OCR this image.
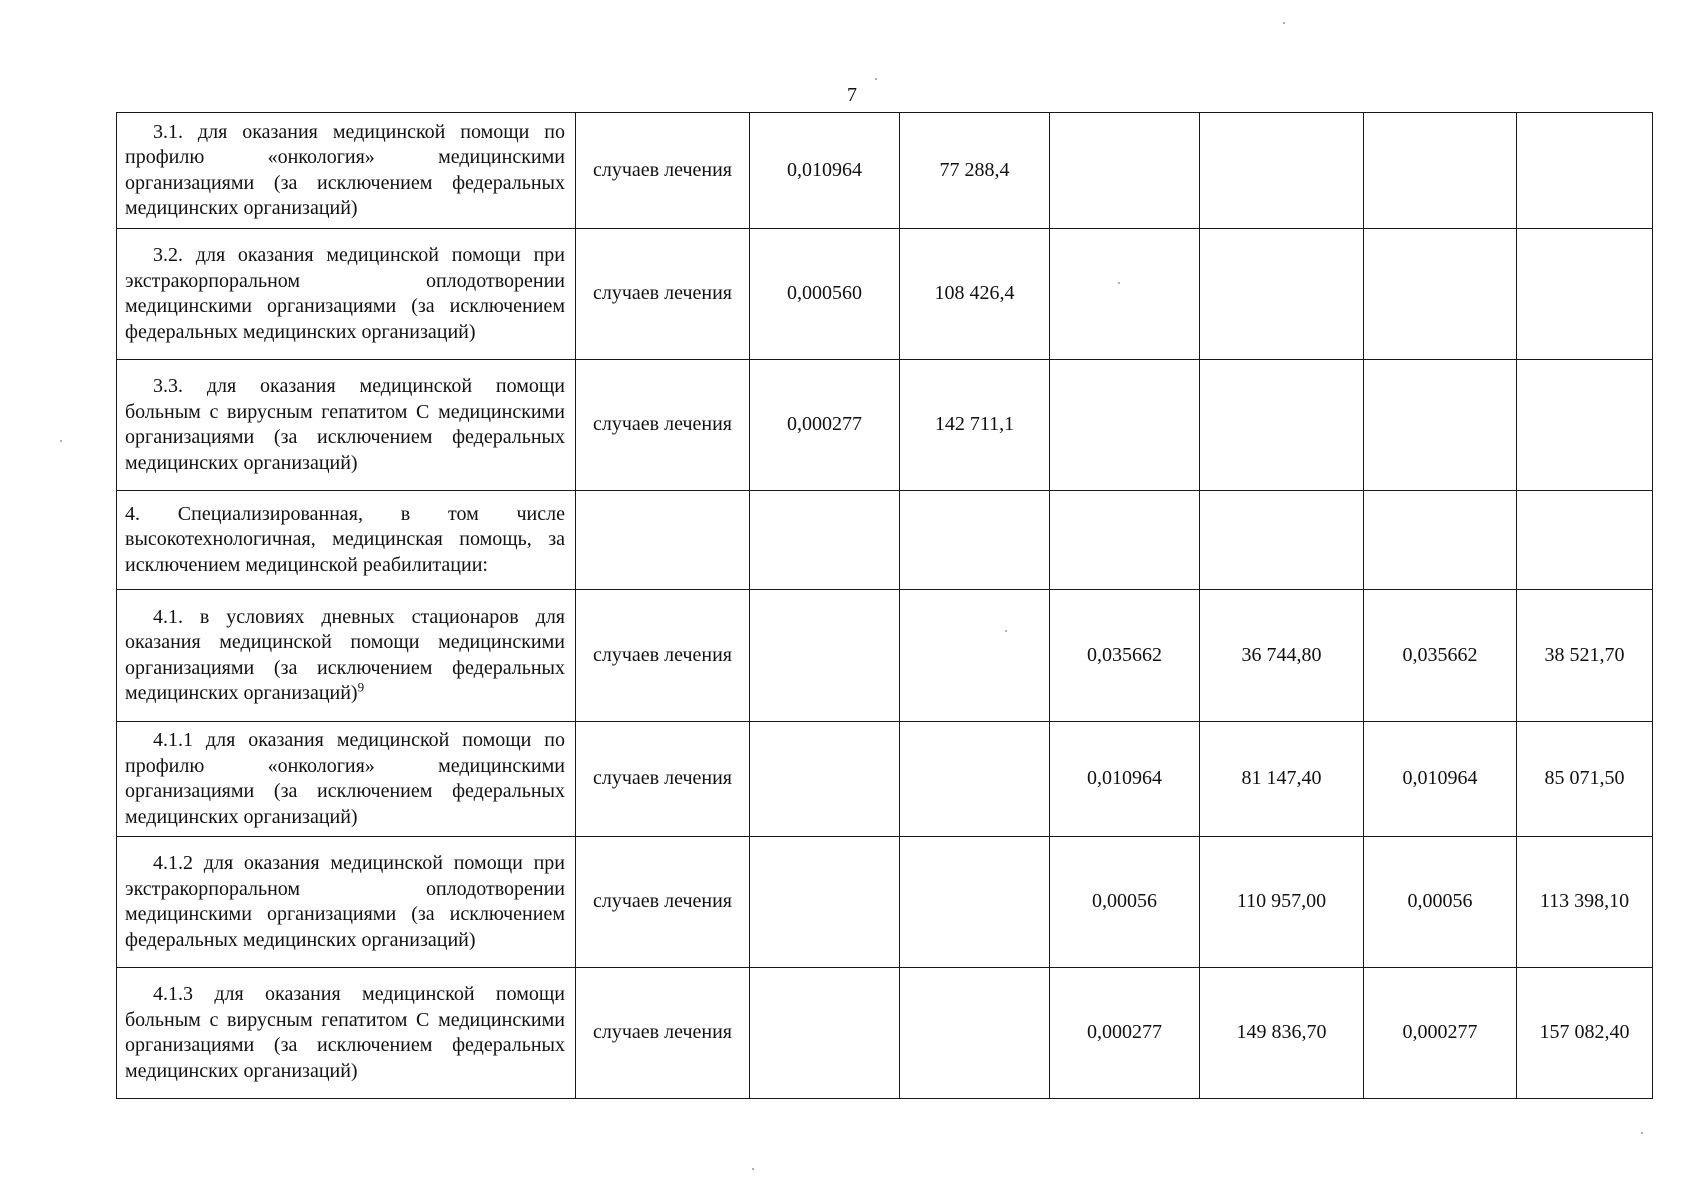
7
3.1. для оказания медицинской помощи по профилю «онкология» медицинскими организациями (за исключением федеральных медицинских организаций)	случаев лечения	0,010964	77 288,4				

3.2. для оказания медицинской помощи при экстракорпоральном оплодотворении медицинскими организациями (за исключением федеральных медицинских организаций)	случаев лечения	0,000560	108 426,4				

3.3. для оказания медицинской помощи больным с вирусным гепатитом С медицинскими организациями (за исключением федеральных медицинских организаций)	случаев лечения	0,000277	142 711,1				

4. Специализированная, в том числе высокотехнологичная, медицинская помощь, за исключением медицинской реабилитации:							

4.1. в условиях дневных стационаров для оказания медицинской помощи медицинскими организациями (за исключением федеральных медицинских организаций)$^9$	случаев лечения			0,035662	36 744,80	0,035662	38 521,70

4.1.1 для оказания медицинской помощи по профилю «онкология» медицинскими организациями (за исключением федеральных медицинских организаций)	случаев лечения			0,010964	81 147,40	0,010964	85 071,50

4.1.2 для оказания медицинской помощи при экстракорпоральном оплодотворении медицинскими организациями (за исключением федеральных медицинских организаций)	случаев лечения			0,00056	110 957,00	0,00056	113 398,10

4.1.3 для оказания медицинской помощи больным с вирусным гепатитом С медицинскими организациями (за исключением федеральных медицинских организаций)	случаев лечения			0,000277	149 836,70	0,000277	157 082,40
